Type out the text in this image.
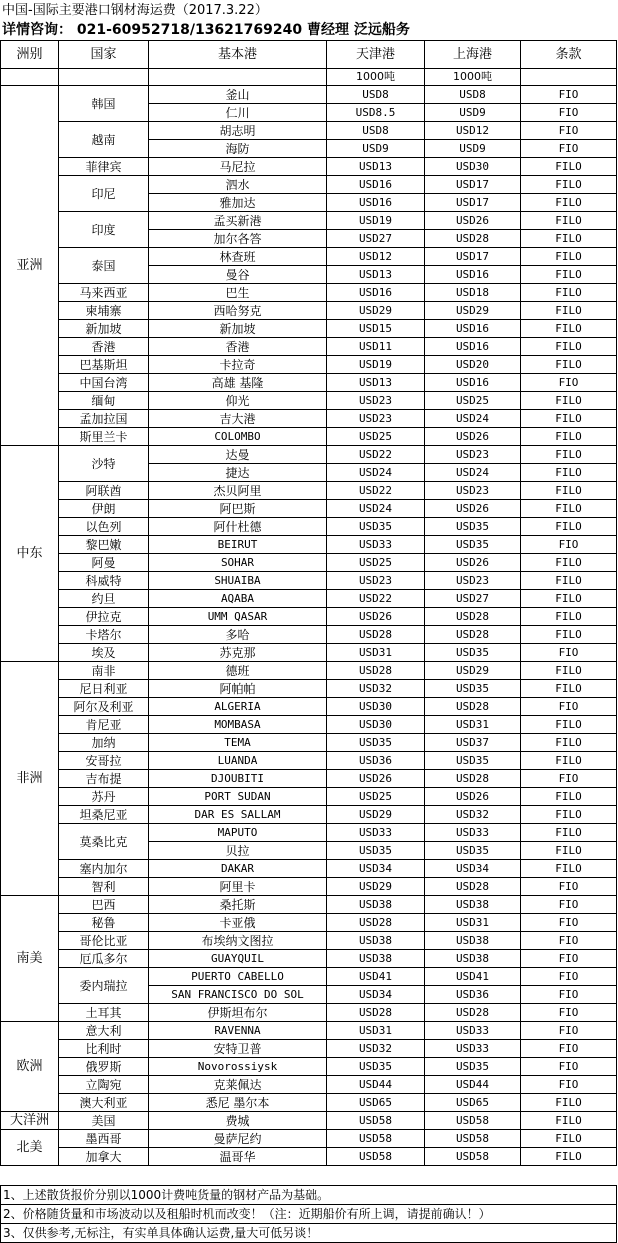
中国-国际主要港口钢材海运费（2017.3.22）
详情咨询： 021-60952718/13621769240 曹经理 泛远船务
洲别	国家	基本港	天津港	上海港	条款
			1000吨	1000吨	
亚洲	韩国	釜山	USD8	USD8	FIO
		仁川	USD8.5	USD9	FIO
	越南	胡志明	USD8	USD12	FIO
		海防	USD9	USD9	FIO
	菲律宾	马尼拉	USD13	USD30	FILO
	印尼	泗水	USD16	USD17	FILO
		雅加达	USD16	USD17	FILO
	印度	孟买新港	USD19	USD26	FILO
		加尔各答	USD27	USD28	FILO
	泰国	林查班	USD12	USD17	FILO
		曼谷	USD13	USD16	FILO
	马来西亚	巴生	USD16	USD18	FILO
	柬埔寨	西哈努克	USD29	USD29	FILO
	新加坡	新加坡	USD15	USD16	FILO
	香港	香港	USD11	USD16	FILO
	巴基斯坦	卡拉奇	USD19	USD20	FILO
	中国台湾	高雄 基隆	USD13	USD16	FIO
	缅甸	仰光	USD23	USD25	FILO
	孟加拉国	吉大港	USD23	USD24	FILO
	斯里兰卡	COLOMBO	USD25	USD26	FILO
中东	沙特	达曼	USD22	USD23	FILO
		捷达	USD24	USD24	FILO
	阿联酋	杰贝阿里	USD22	USD23	FILO
	伊朗	阿巴斯	USD24	USD26	FILO
	以色列	阿什杜德	USD35	USD35	FILO
	黎巴嫩	BEIRUT	USD33	USD35	FIO
	阿曼	SOHAR	USD25	USD26	FILO
	科威特	SHUAIBA	USD23	USD23	FILO
	约旦	AQABA	USD22	USD27	FILO
	伊拉克	UMM QASAR	USD26	USD28	FILO
	卡塔尔	多哈	USD28	USD28	FILO
	埃及	苏克那	USD31	USD35	FIO
非洲	南非	德班	USD28	USD29	FILO
	尼日利亚	阿帕帕	USD32	USD35	FILO
	阿尔及利亚	ALGERIA	USD30	USD28	FIO
	肯尼亚	MOMBASA	USD30	USD31	FILO
	加纳	TEMA	USD35	USD37	FILO
	安哥拉	LUANDA	USD36	USD35	FILO
	吉布提	DJOUBITI	USD26	USD28	FIO
	苏丹	PORT SUDAN	USD25	USD26	FILO
	坦桑尼亚	DAR ES SALLAM	USD29	USD32	FILO
	莫桑比克	MAPUTO	USD33	USD33	FILO
		贝拉	USD35	USD35	FILO
	塞内加尔	DAKAR	USD34	USD34	FILO
	智利	阿里卡	USD29	USD28	FIO
南美	巴西	桑托斯	USD38	USD38	FIO
	秘鲁	卡亚俄	USD28	USD31	FIO
	哥伦比亚	布埃纳文图拉	USD38	USD38	FIO
	厄瓜多尔	GUAYQUIL	USD38	USD38	FIO
	委内瑞拉	PUERTO CABELLO	USD41	USD41	FIO
		SAN FRANCISCO DO SOL	USD34	USD36	FIO
	土耳其	伊斯坦布尔	USD28	USD28	FIO
欧洲	意大利	RAVENNA	USD31	USD33	FIO
	比利时	安特卫普	USD32	USD33	FIO
	俄罗斯	Novorossiysk	USD35	USD35	FIO
	立陶宛	克莱佩达	USD44	USD44	FIO
	澳大利亚	悉尼 墨尔本	USD65	USD65	FILO
大洋洲	美国	费城	USD58	USD58	FILO
北美	墨西哥	曼萨尼约	USD58	USD58	FILO
	加拿大	温哥华	USD58	USD58	FILO
1、上述散货报价分别以1000计费吨货量的钢材产品为基础。
2、价格随货量和市场波动以及租船时机而改变！（注：近期船价有所上调，请提前确认！）
3、仅供参考,无标注，有实单具体确认运费,量大可低另谈！
